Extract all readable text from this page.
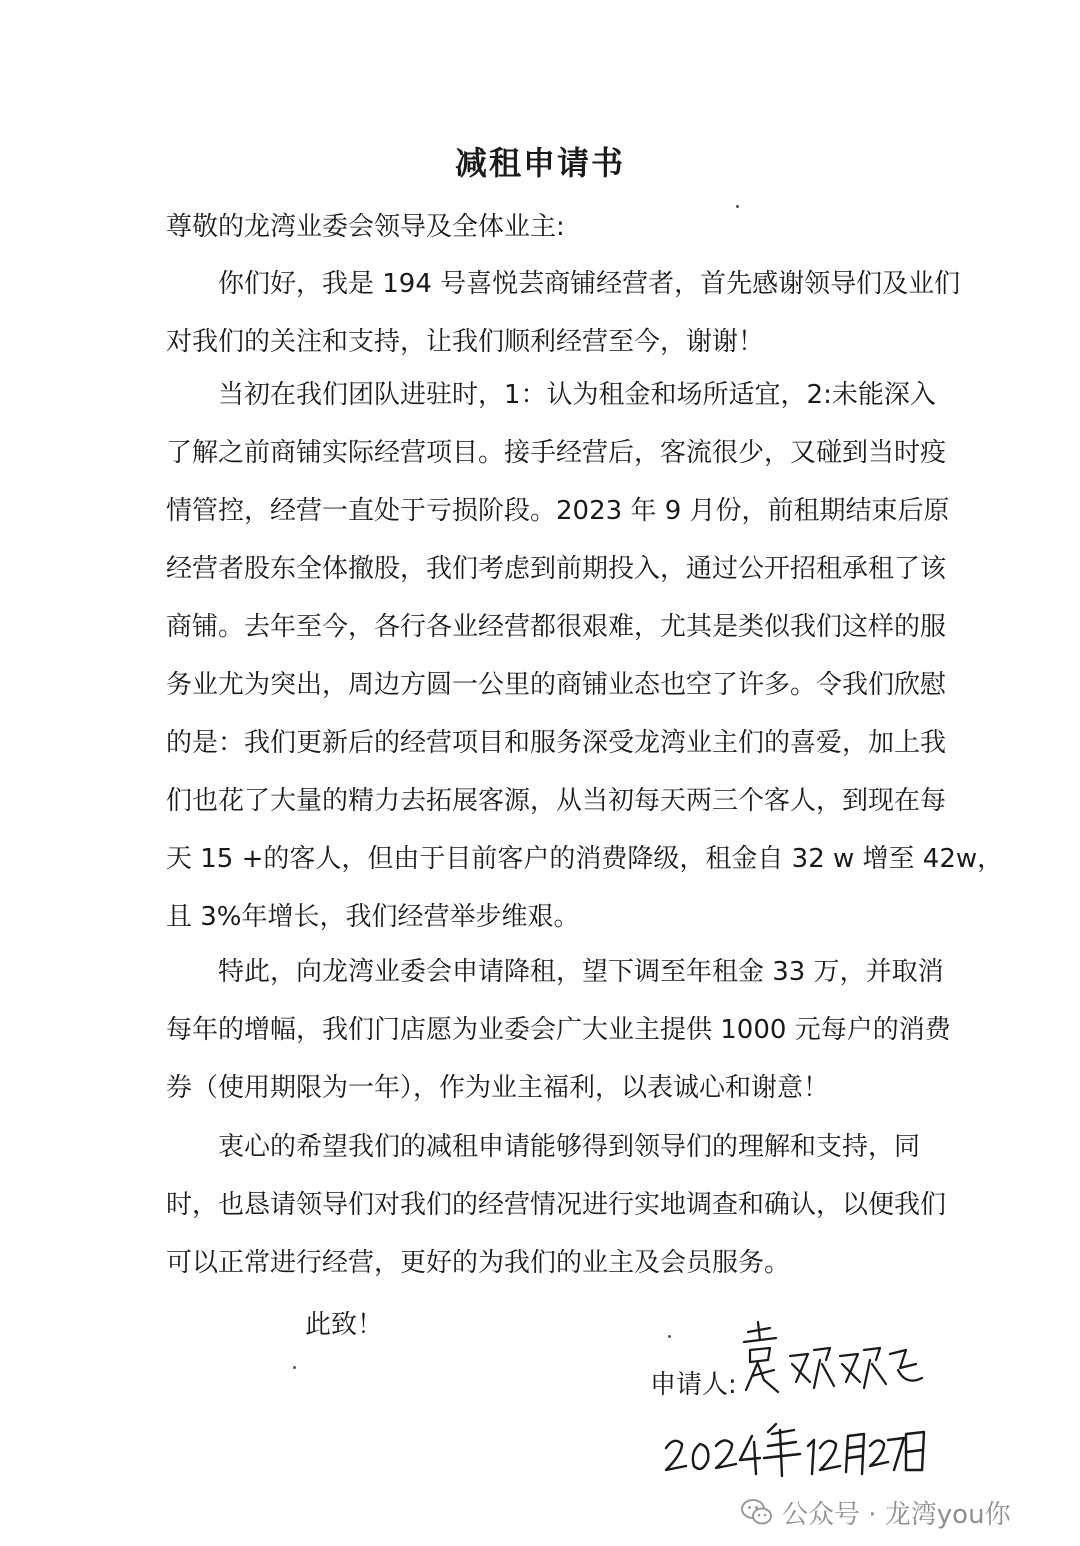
减租申请书
尊敬的龙湾业委会领导及全体业主:
你们好，我是 194 号喜悦芸商铺经营者，首先感谢领导们及业们
对我们的关注和支持，让我们顺利经营至今，谢谢！
当初在我们团队进驻时，1：认为租金和场所适宜，2:未能深入
了解之前商铺实际经营项目。接手经营后，客流很少，又碰到当时疫
情管控，经营一直处于亏损阶段。2023 年 9 月份，前租期结束后原
经营者股东全体撤股，我们考虑到前期投入，通过公开招租承租了该
商铺。去年至今，各行各业经营都很艰难，尤其是类似我们这样的服
务业尤为突出，周边方圆一公里的商铺业态也空了许多。令我们欣慰
的是：我们更新后的经营项目和服务深受龙湾业主们的喜爱，加上我
们也花了大量的精力去拓展客源，从当初每天两三个客人，到现在每
天 15 +的客人，但由于目前客户的消费降级，租金自 32 w 增至 42w，
且 3%年增长，我们经营举步维艰。
特此，向龙湾业委会申请降租，望下调至年租金 33 万，并取消
每年的增幅，我们门店愿为业委会广大业主提供 1000 元每户的消费
券（使用期限为一年），作为业主福利，以表诚心和谢意！
衷心的希望我们的减租申请能够得到领导们的理解和支持，同
时，也恳请领导们对我们的经营情况进行实地调查和确认，以便我们
可以正常进行经营，更好的为我们的业主及会员服务。
此致！
申请人:
公众号 · 龙湾you你
